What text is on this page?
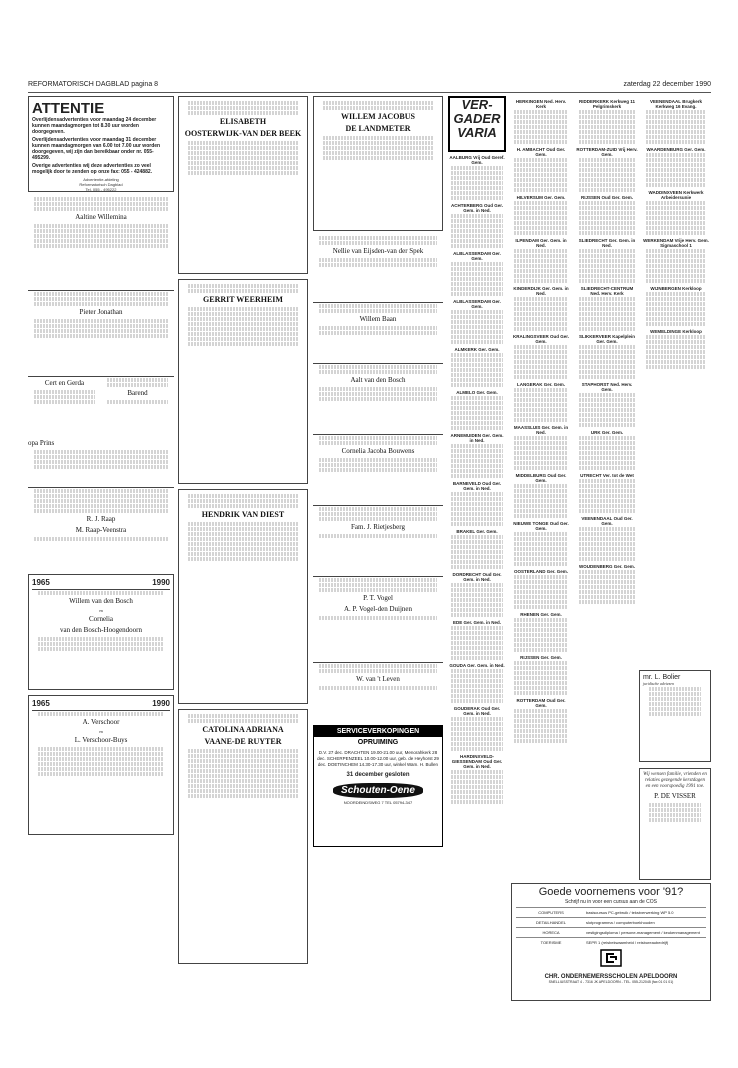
REFORMATORISCH DAGBLAD pagina 8	zaterdag 22 december 1990
ATTENTIE

Overlijdensadvertenties voor maandag 24 december kunnen maandagmorgen tot 8.30 uur worden doorgegeven.

Overlijdensadvertenties voor maandag 31 december kunnen maandagmorgen van 6.00 tot 7.00 uur worden doorgegeven, wij zijn dan bereikbaar onder nr. 055-495299.

Overige advertenties wij deze advertenties zo veel mogelijk door te zenden op onze fax: 055 - 424882.

Advertentie-afdeling
Reformatorisch Dagblad
Tel. 055 - 495222
Aaltine Willemina
Pieter Jonathan
Cert en Gerda
Barend
opa Prins
R. J. Raap
M. Raap-Veenstra
1965	1990
Willem van den Bosch
en
Cornelia
van den Bosch-Hoogendoorn
1965	1990
A. Verschoor
en
L. Verschoor-Buys
ELISABETH
OOSTERWIJK-VAN DER BEEK
GERRIT WEERHEIM
HENDRIK VAN DIEST
CATOLINA ADRIANA
VAANE-DE RUYTER
WILLEM JACOBUS
DE LANDMETER
Nellie van Eijsden-van der Spek
Willem Baan
Aalt van den Bosch
Cornelia Jacoba Bouwens
Fam. J. Rietjesberg
P. T. Vogel
A. P. Vogel-den Duijnen
W. van 't Leven
SERVICEVERKOPINGEN
OPRUIMING
D.V. 27 dec. DRACHTEN 19.00-21.00 uur, Menorahkerk 28 dec. SCHERPENZEEL 10.00-12.00 uur, geb. de Heyhorst 29 dec. DOETINCHEM 14.30-17.30 uur, winkel Wam. H. Bullen
31 december gesloten
Schouten-Oene
NOORDEINDSWEG 7 TEL 05794-347
VER-
GADER
VARIA
AALBURG Vrij Oud Geref. Gem.
ACHTERBERG Oud Ger. Gem. in Ned.
ALBLASSERDAM Ger. Gem.
ALBLASSERDAM Ger. Gem.
ALMKERK Ger. Gem.
ALMELO Ger. Gem.
ARNEMUIDEN Ger. Gem. in Ned.
BARNEVELD Oud Ger. Gem. in Ned.
BRAKEL Ger. Gem.
DORDRECHT Oud Ger. Gem. in Ned.
EDE Ger. Gem. in Ned.
GOUDA Ger. Gem. in Ned.
GOUDERAK Oud Ger. Gem. in Ned.
HARDINXVELD-GIESSENDAM Oud Ger. Gem. in Ned.
HERKINGEN Ned. Herv. Kerk
H. AMBACHT Oud Ger. Gem.
HILVERSUM Ger. Gem.
ILPENDAM Ger. Gem. in Ned.
KINDERDIJK Ger. Gem. in Ned.
KRALINGSVEER Oud Ger. Gem.
LANGERAK Ger. Gem.
MAASSLUIS Ger. Gem. in Ned.
MIDDELBURG Oud Ger. Gem.
NIEUWE TONGE Oud Ger. Gem.
OOSTERLAND Ger. Gem.
RHENEN Ger. Gem.
RIJSSEN Ger. Gem.
ROTTERDAM Oud Ger. Gem.
RIDDERKERK Kerkweg 11 Pelgrimskerk
ROTTERDAM-ZUID Vrij Herv. Gem.
RIJSSEN Oud Ger. Gem.
SLIEDRECHT Ger. Gem. in Ned.
SLIEDRECHT-CENTRUM Ned. Herv. Kerk
SLIKKERVEER Kapelplein Ger. Gem.
STAPHORST Ned. Herv. Gem.
URK Ger. Gem.
UTRECHT Ver. tot de Wet
VEENENDAAL Oud Ger. Gem.
WOUDENBERG Ger. Gem.
VEENENDAAL Brugkerk Kerkweg 16 Evang.
WAARDENBURG Ger. Gem.
WADDINXVEEN Kerkwerk Arbeidersunie
WERKENDAM Vrije Herv. Gem. Sigmaschool 1
WIJNBERGEN Kerkloop
WEMELDINGE Kerkloop
mr. L. Bolier
juridische adviezen
Wij wensen familie, vrienden en relaties gezegende kerstdagen en een voorspoedig 1991 toe.
P. DE VISSER
Goede voornemens voor '91?
Schrijf nu in voor een cursus aan de COS
COMPUTERS	basiscursus PC-gebruik / tekstverwerking WP 5.0
DETAILHANDEL	slotprogramma / computerboekhouden
HORECA	vestigingsdiploma / persone-management / keukenmanagement
TOERISME	SEPR 1 (reisbekwaamheid / reisbureaubedrijf)
CHR. ONDERNEMERSSCHOLEN APELDOORN
SNELLIUSSTRAAT 4 - 7316 JK APELDOORN - TEL. 055-212045 (fax 01 01 01)
